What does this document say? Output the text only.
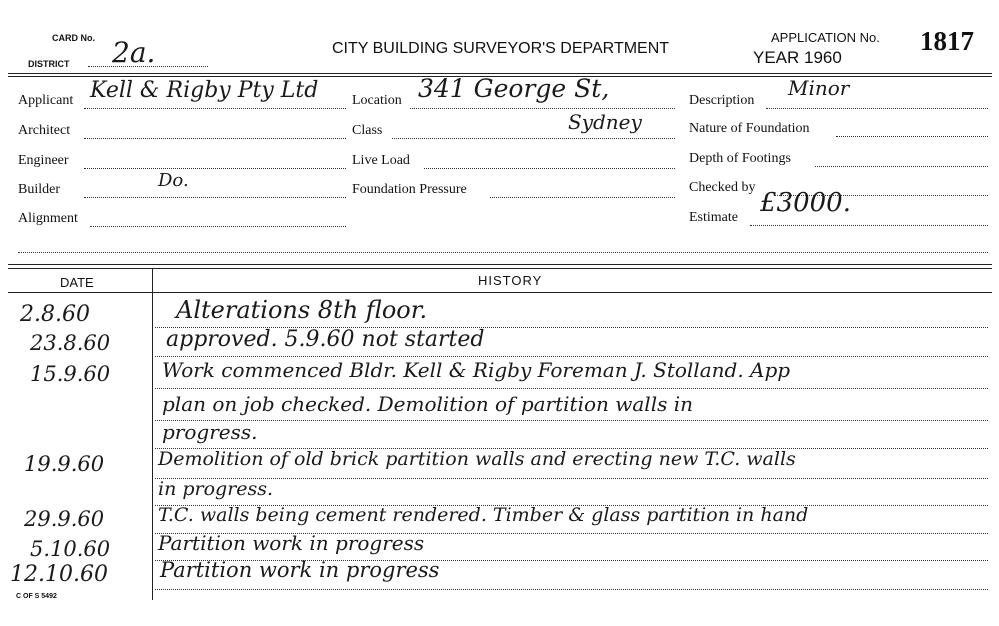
CARD No.
DISTRICT 2a.	CITY BUILDING SURVEYOR'S DEPARTMENT
APPLICATION No.
YEAR 1960
1817
Applicant Kell & Rigby Pty Ltd
Architect
Engineer
Builder	Do.
Alignment
Location 341 George St,
Class	Sydney
Live Load
Foundation Pressure
Description
Minor
Nature of Foundation
Depth of Footings
Checked by
Estimate £3000.
DATE	HISTORY
2.8.60	Alterations 8th floor.
23.8.60	approved. 5.9.60 not started
15.9.60	Work commenced Bldr. Kell & Rigby Foreman J. Stolland. App
plan on job checked. Demolition of partition walls in
progress.
19.9.60	Demolition of old brick partition walls and erecting new T.C. walls
in progress.
29.9.60	T.C. walls being cement rendered. Timber & glass partition in hand
5.10.60 Partition work in progress
12.10.60 Partition work in progress
C OF S 5492
